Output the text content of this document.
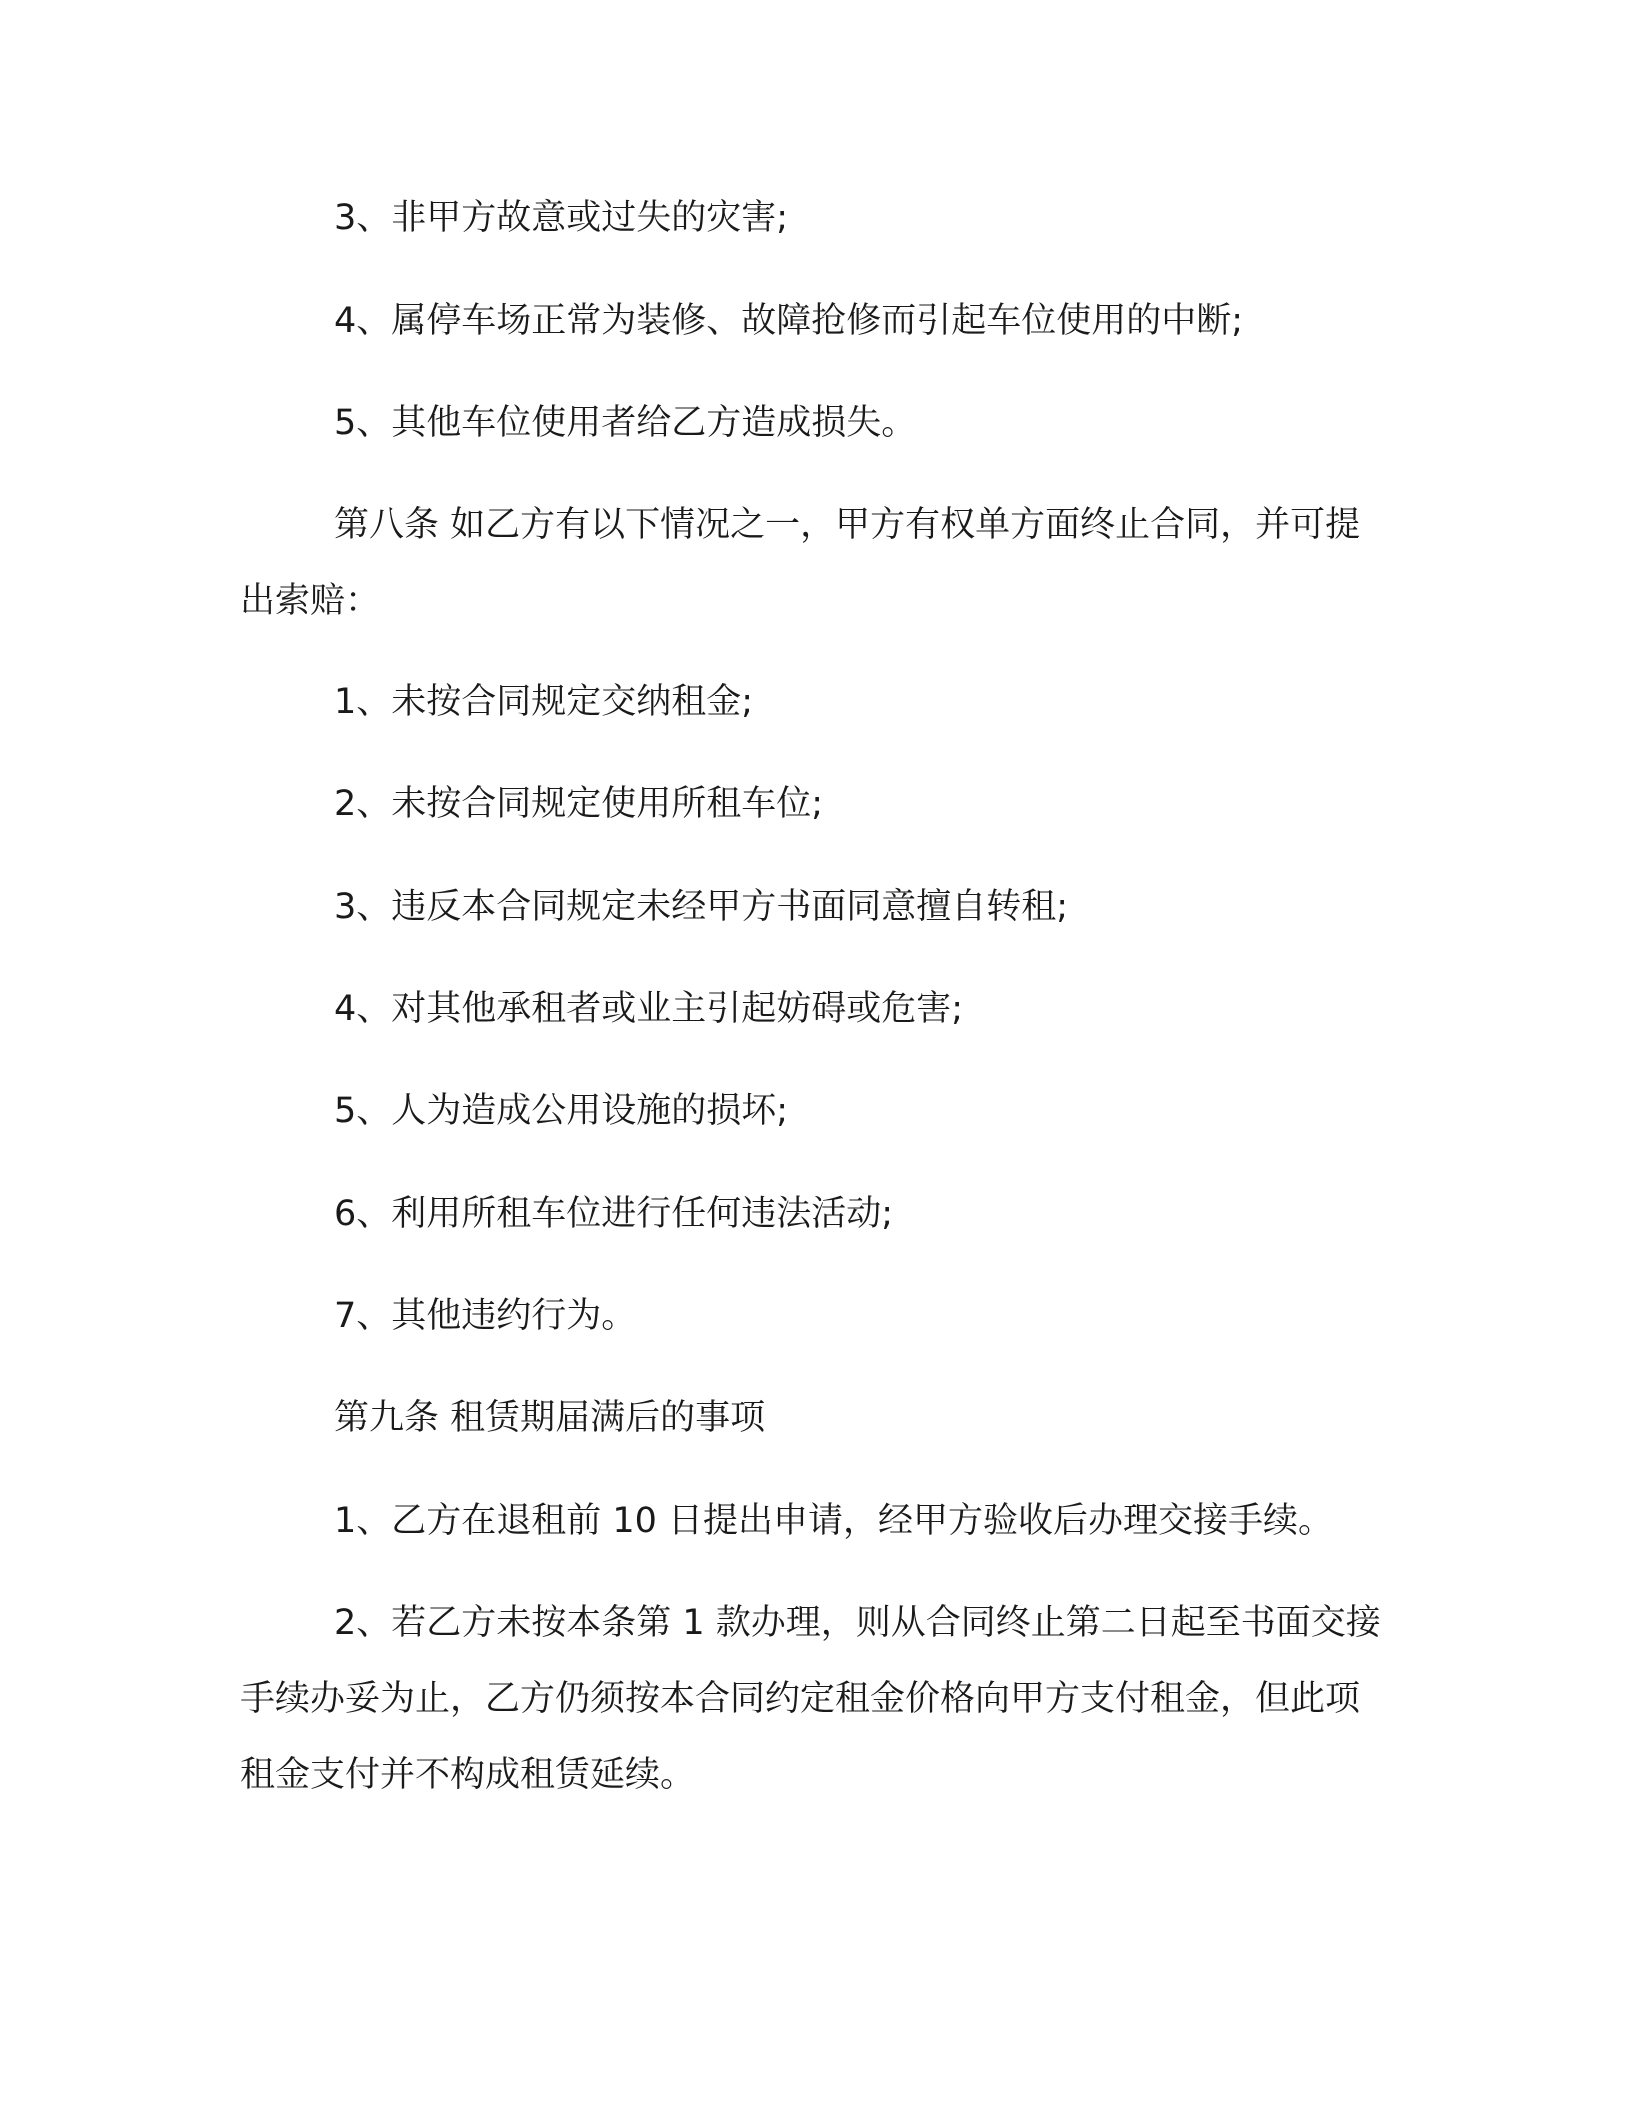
3、非甲方故意或过失的灾害;

4、属停车场正常为装修、故障抢修而引起车位使用的中断;

5、其他车位使用者给乙方造成损失。

第八条 如乙方有以下情况之一，甲方有权单方面终止合同，并可提出索赔：

1、未按合同规定交纳租金;

2、未按合同规定使用所租车位;

3、违反本合同规定未经甲方书面同意擅自转租;

4、对其他承租者或业主引起妨碍或危害;

5、人为造成公用设施的损坏;

6、利用所租车位进行任何违法活动;

7、其他违约行为。

第九条 租赁期届满后的事项

1、乙方在退租前 10 日提出申请，经甲方验收后办理交接手续。

2、若乙方未按本条第 1 款办理，则从合同终止第二日起至书面交接手续办妥为止，乙方仍须按本合同约定租金价格向甲方支付租金，但此项租金支付并不构成租赁延续。
